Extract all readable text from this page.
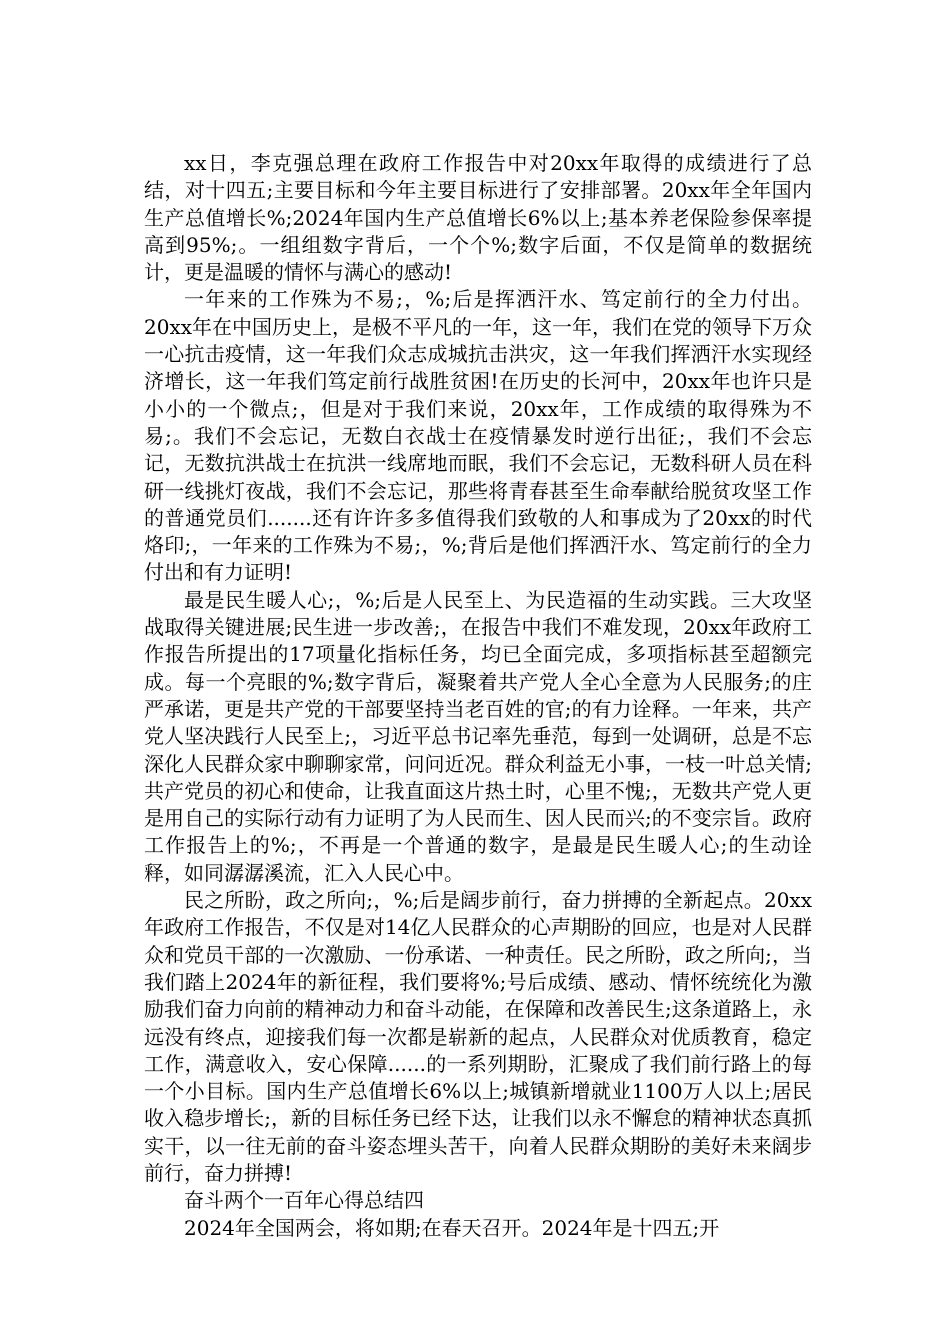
xx日，李克强总理在政府工作报告中对20xx年取得的成绩进行了总结，对十四五;主要目标和今年主要目标进行了安排部署。20xx年全年国内生产总值增长%;2024年国内生产总值增长6%以上;基本养老保险参保率提高到95%;。一组组数字背后，一个个%;数字后面，不仅是简单的数据统计，更是温暖的情怀与满心的感动!

一年来的工作殊为不易;，%;后是挥洒汗水、笃定前行的全力付出。20xx年在中国历史上，是极不平凡的一年，这一年，我们在党的领导下万众一心抗击疫情，这一年我们众志成城抗击洪灾，这一年我们挥洒汗水实现经济增长，这一年我们笃定前行战胜贫困!在历史的长河中，20xx年也许只是小小的一个微点;，但是对于我们来说，20xx年，工作成绩的取得殊为不易;。我们不会忘记，无数白衣战士在疫情暴发时逆行出征;，我们不会忘记，无数抗洪战士在抗洪一线席地而眠，我们不会忘记，无数科研人员在科研一线挑灯夜战，我们不会忘记，那些将青春甚至生命奉献给脱贫攻坚工作的普通党员们.......还有许许多多值得我们致敬的人和事成为了20xx的时代烙印;，一年来的工作殊为不易;，%;背后是他们挥洒汗水、笃定前行的全力付出和有力证明!

最是民生暖人心;，%;后是人民至上、为民造福的生动实践。三大攻坚战取得关键进展;民生进一步改善;，在报告中我们不难发现，20xx年政府工作报告所提出的17项量化指标任务，均已全面完成，多项指标甚至超额完成。每一个亮眼的%;数字背后，凝聚着共产党人全心全意为人民服务;的庄严承诺，更是共产党的干部要坚持当老百姓的官;的有力诠释。一年来，共产党人坚决践行人民至上;，习近平总书记率先垂范，每到一处调研，总是不忘深化人民群众家中聊聊家常，问问近况。群众利益无小事，一枝一叶总关情;共产党员的初心和使命，让我直面这片热土时，心里不愧;，无数共产党人更是用自己的实际行动有力证明了为人民而生、因人民而兴;的不变宗旨。政府工作报告上的%;，不再是一个普通的数字，是最是民生暖人心;的生动诠释，如同潺潺溪流，汇入人民心中。

民之所盼，政之所向;，%;后是阔步前行，奋力拼搏的全新起点。20xx年政府工作报告，不仅是对14亿人民群众的心声期盼的回应，也是对人民群众和党员干部的一次激励、一份承诺、一种责任。民之所盼，政之所向;，当我们踏上2024年的新征程，我们要将%;号后成绩、感动、情怀统统化为激励我们奋力向前的精神动力和奋斗动能，在保障和改善民生;这条道路上，永远没有终点，迎接我们每一次都是崭新的起点，人民群众对优质教育，稳定工作，满意收入，安心保障......的一系列期盼，汇聚成了我们前行路上的每一个小目标。国内生产总值增长6%以上;城镇新增就业1100万人以上;居民收入稳步增长;，新的目标任务已经下达，让我们以永不懈怠的精神状态真抓实干，以一往无前的奋斗姿态埋头苦干，向着人民群众期盼的美好未来阔步前行，奋力拼搏!

奋斗两个一百年心得总结四

2024年全国两会，将如期;在春天召开。2024年是十四五;开
